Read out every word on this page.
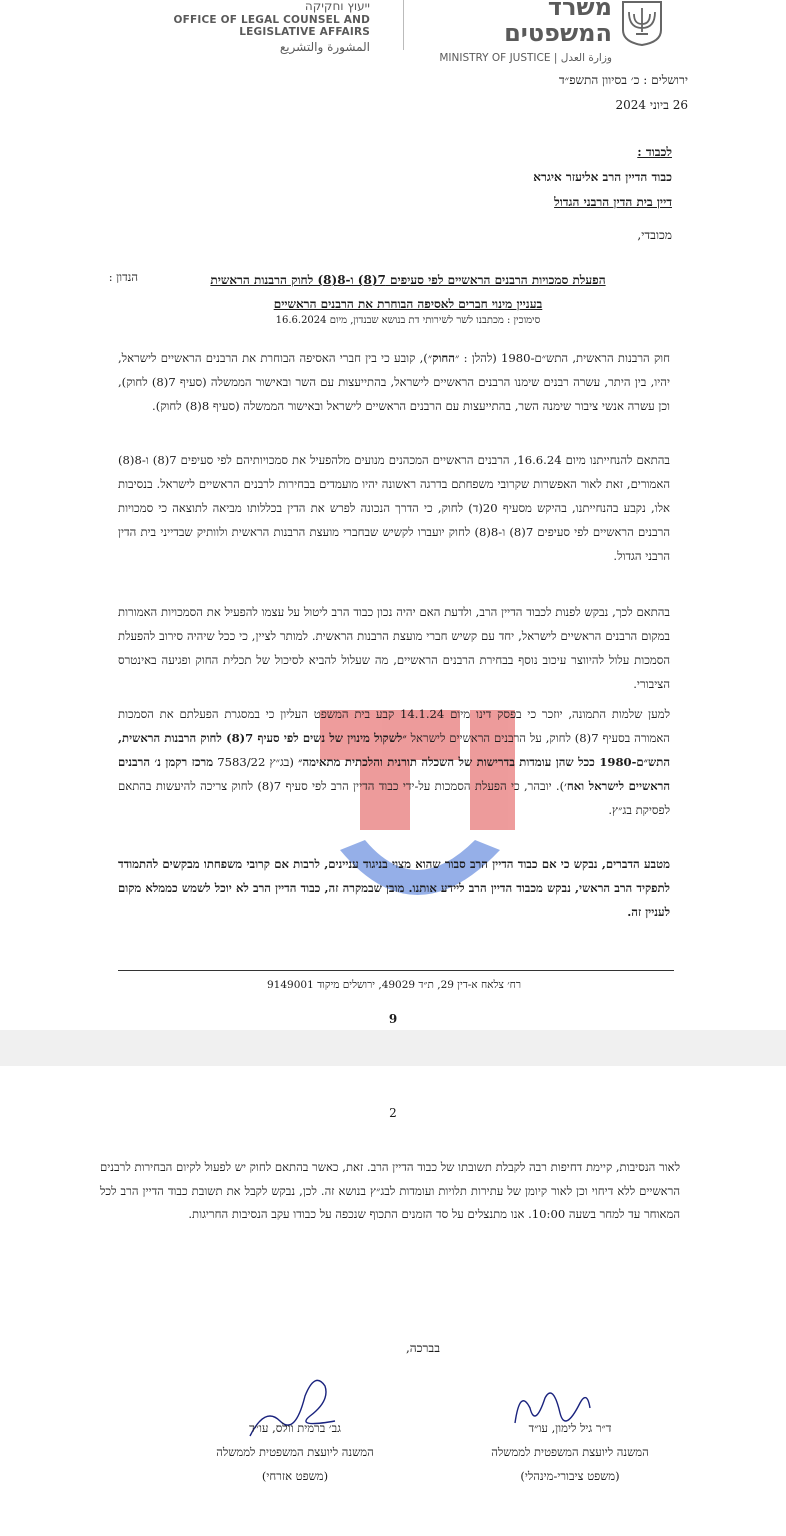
ייעוץ וחקיקה
OFFICE OF LEGAL COUNSEL AND LEGISLATIVE AFFAIRS
المشورة والتشريع
משרד המשפטים
MINISTRY OF JUSTICE | وزارة العدل
ירושלים : כ׳ בסיוון התשפ״ד
26 ביוני 2024
לכבוד :
כבוד הדיין הרב אליעזר איגרא
דיין בית הדין הרבני הגדול
מכובדי,
הנדון :	הפעלת סמכויות הרבנים הראשיים לפי סעיפים 7(8) ו-8(8) לחוק הרבנות הראשית
בעניין מינוי חברים לאסיפה הבוחרת את הרבנים הראשיים
סימוכין : מכתבנו לשר לשירותי דת בנושא שבנדון, מיום 16.6.2024
חוק הרבנות הראשית, התש״ם-1980 (להלן : ״החוק״), קובע כי בין חברי האסיפה הבוחרת את הרבנים הראשיים לישראל, יהיו, בין היתר, עשרה רבנים שימנו הרבנים הראשיים לישראל, בהתייעצות עם השר ובאישור הממשלה (סעיף 7(8) לחוק), וכן עשרה אנשי ציבור שימנה השר, בהתייעצות עם הרבנים הראשיים לישראל ובאישור הממשלה (סעיף 8(8) לחוק).
בהתאם להנחייתנו מיום 16.6.24, הרבנים הראשיים המכהנים מנועים מלהפעיל את סמכויותיהם לפי סעיפים 7(8) ו-8(8) האמורים, זאת לאור האפשרות שקרובי משפחתם בדרגה ראשונה יהיו מועמדים בבחירות לרבנים הראשיים לישראל. בנסיבות אלו, נקבע בהנחייתנו, בהיקש מסעיף 20(ד) לחוק, כי הדרך הנכונה לפרש את הדין בכללותו מביאה לתוצאה כי סמכויות הרבנים הראשיים לפי סעיפים 7(8) ו-8(8) לחוק יועברו לקשיש שבחברי מועצת הרבנות הראשית ולוותיק שבדייני בית הדין הרבני הגדול.
בהתאם לכך, נבקש לפנות לכבוד הדיין הרב, ולדעת האם יהיה נכון כבוד הרב ליטול על עצמו להפעיל את הסמכויות האמורות במקום הרבנים הראשיים לישראל, יחד עם קשיש חברי מועצת הרבנות הראשית. למותר לציין, כי ככל שיהיה סירוב להפעלת הסמכות עלול להיווצר עיכוב נוסף בבחירת הרבנים הראשיים, מה שעלול להביא לסיכול של תכלית החוק ופגיעה באינטרס הציבורי.
למען שלמות התמונה, יוזכר כי בפסק דינו מיום 14.1.24 קבע בית המשפט העליון כי במסגרת הפעלתם את הסמכות האמורה בסעיף 7(8) לחוק, על הרבנים הראשיים לישראל ״לשקול מינוין של נשים לפי סעיף 7(8) לחוק הרבנות הראשית, התש״ם-1980 ככל שהן עומדות בדרישות של השכלה תורנית והלכתית מתאימה״ (בג״ץ 7583/22 מרכז רקמן נ׳ הרבנים הראשיים לישראל ואח׳). יובהר, כי הפעלת הסמכות על-ידי כבוד הדיין הרב לפי סעיף 7(8) לחוק צריכה להיעשות בהתאם לפסיקת בג״ץ.
מטבע הדברים, נבקש כי אם כבוד הדיין הרב סבור שהוא מצוי בניגוד עניינים, לרבות אם קרובי משפחתו מבקשים להתמודד לתפקיד הרב הראשי, נבקש מכבוד הדיין הרב ליידע אותנו. מובן שבמקרה זה, כבוד הדיין הרב לא יוכל לשמש כממלא מקום לעניין זה.
רח׳ צלאח א-דין 29, ת״ד 49029, ירושלים מיקוד 9149001
9
2
לאור הנסיבות, קיימת דחיפות רבה לקבלת תשובתו של כבוד הדיין הרב. זאת, כאשר בהתאם לחוק יש לפעול לקיום הבחירות לרבנים הראשיים ללא דיחוי וכן לאור קיומן של עתירות תלויות ועומדות לבג״ץ בנושא זה. לכן, נבקש לקבל את תשובת כבוד הדיין הרב לכל המאוחר עד למחר בשעה 10:00. אנו מתנצלים על סד הזמנים התכוף שנכפה על כבודו עקב הנסיבות החריגות.
בברכה,
ד״ר גיל לימון, עו״ד
המשנה ליועצת המשפטית לממשלה
(משפט ציבורי-מינהלי)
גב׳ ברמית וולס, עו״ד
המשנה ליועצת המשפטית לממשלה
(משפט אזרחי)
